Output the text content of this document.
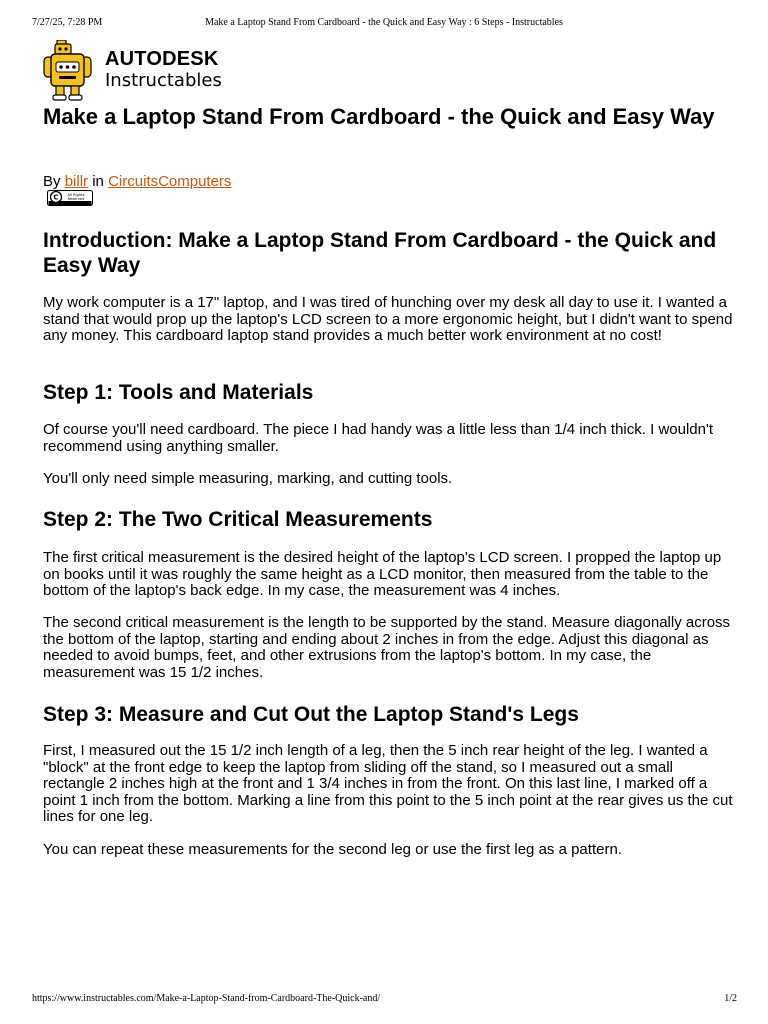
7/27/25, 7:28 PM	Make a Laptop Stand From Cardboard - the Quick and Easy Way : 6 Steps - Instructables
AUTODESK
Instructables
Make a Laptop Stand From Cardboard - the Quick and Easy Way
By billr in CircuitsComputers
C All Rights
Reserved
Introduction: Make a Laptop Stand From Cardboard - the Quick and Easy Way

My work computer is a 17" laptop, and I was tired of hunching over my desk all day to use it. I wanted a stand that would prop up the laptop's LCD screen to a more ergonomic height, but I didn't want to spend any money. This cardboard laptop stand provides a much better work environment at no cost!

Step 1: Tools and Materials

Of course you'll need cardboard. The piece I had handy was a little less than 1/4 inch thick. I wouldn't recommend using anything smaller.

You'll only need simple measuring, marking, and cutting tools.

Step 2: The Two Critical Measurements

The first critical measurement is the desired height of the laptop's LCD screen. I propped the laptop up on books until it was roughly the same height as a LCD monitor, then measured from the table to the bottom of the laptop's back edge. In my case, the measurement was 4 inches.

The second critical measurement is the length to be supported by the stand. Measure diagonally across the bottom of the laptop, starting and ending about 2 inches in from the edge. Adjust this diagonal as needed to avoid bumps, feet, and other extrusions from the laptop's bottom. In my case, the measurement was 15 1/2 inches.

Step 3: Measure and Cut Out the Laptop Stand's Legs

First, I measured out the 15 1/2 inch length of a leg, then the 5 inch rear height of the leg. I wanted a "block" at the front edge to keep the laptop from sliding off the stand, so I measured out a small rectangle 2 inches high at the front and 1 3/4 inches in from the front. On this last line, I marked off a point 1 inch from the bottom. Marking a line from this point to the 5 inch point at the rear gives us the cut lines for one leg.

You can repeat these measurements for the second leg or use the first leg as a pattern.

https://www.instructables.com/Make-a-Laptop-Stand-from-Cardboard-The-Quick-and/	1/2
